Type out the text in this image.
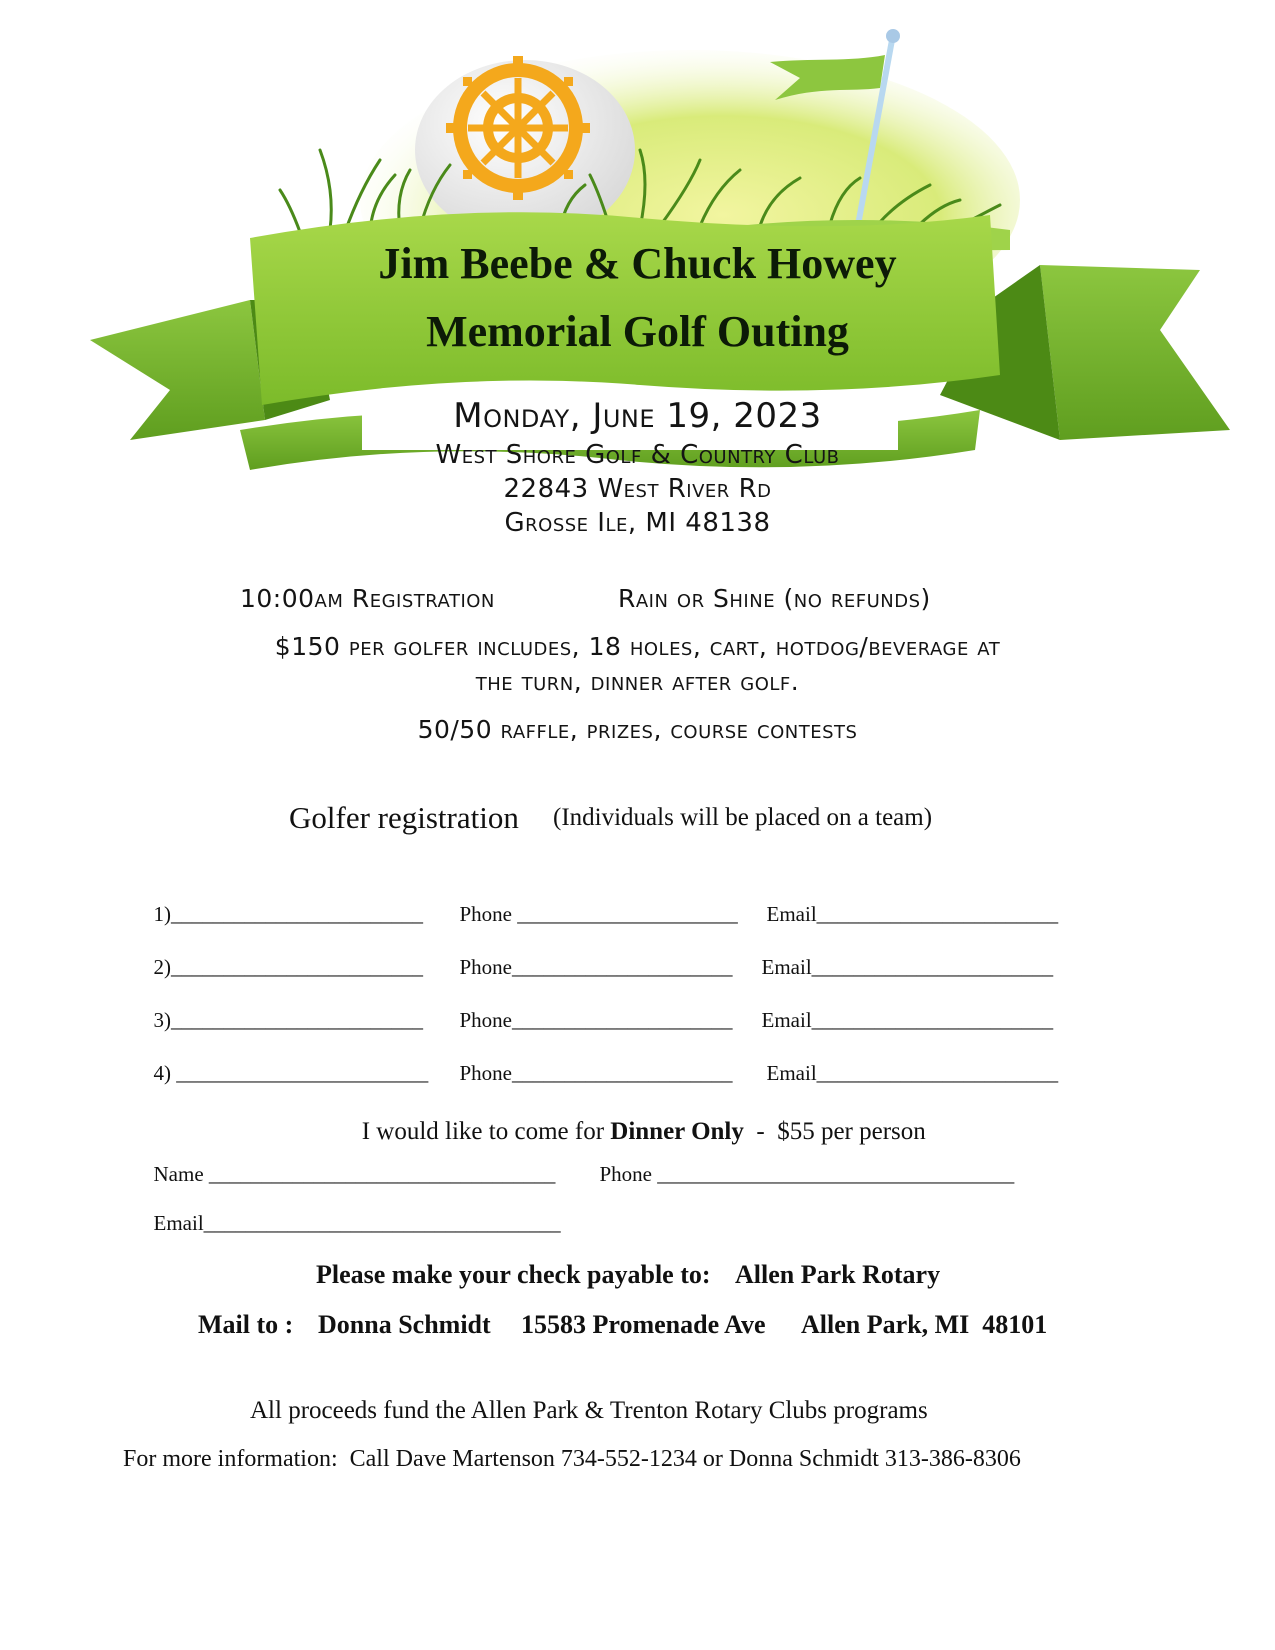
Jim Beebe & Chuck Howey
Memorial Golf Outing
Monday, June 19, 2023
West Shore Golf & Country Club
22843 West River Rd
Grosse Ile, MI 48138
10:00am Registration	Rain or Shine (no refunds)
$150 per golfer includes, 18 holes, cart, hotdog/beverage at
the turn, dinner after golf.
50/50 raffle, prizes, course contests
Golfer registration (Individuals will be placed on a team)

1)________________________	Phone _____________________	Email_______________________

2)________________________	Phone_____________________	Email_______________________

3)________________________	Phone_____________________	Email_______________________

4) ________________________	Phone_____________________	Email_______________________

I would like to come for Dinner Only  -  $55 per person

Name _________________________________	Phone __________________________________

Email__________________________________

Please make your check payable to: Allen Park Rotary
Mail to : Donna Schmidt 15583 Promenade Ave Allen Park, MI  48101
All proceeds fund the Allen Park & Trenton Rotary Clubs programs
For more information:  Call Dave Martenson 734-552-1234 or Donna Schmidt 313-386-8306
